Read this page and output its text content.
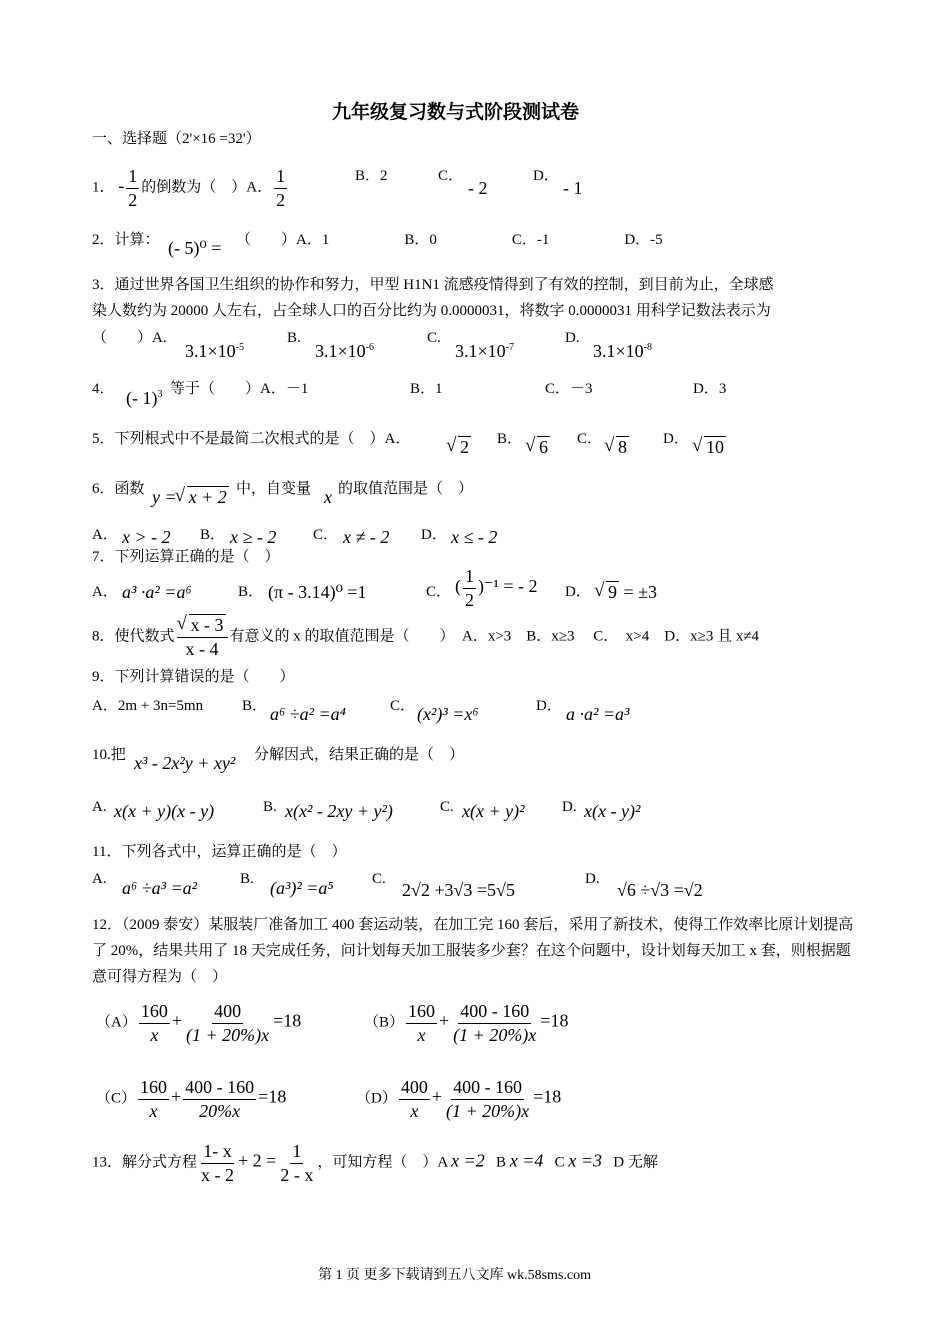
九年级复习数与式阶段测试卷
一、选择题（2'×16 =32'）
1． - $\frac{1}{2}$ 的倒数为（　）A． $\frac{1}{2}$	B．2	C．
- 2
D．
- 1
2．计算： (- 5)⁰ = （　　）A．1　　　　　B．0　　　　　C．-1　　　　　D．-5
3．通过世界各国卫生组织的协作和努力，甲型 H1N1 流感疫情得到了有效的控制，到目前为止，全球感
染人数约为 20000 人左右，占全球人口的百分比约为 0.0000031，将数字 0.0000031 用科学记数法表示为
（　　）A.
$3.1\times 10^{-5}$
B.
$3.1\times 10^{-6}$
C.
$3.1\times 10^{-7}$
D.
$3.1\times 10^{-8}$
4． (- 1)$^3$ 等于（　　）A．－1	B．1	C．－3	D．3
5．下列根式中不是最简二次根式的是（　）A．	√ 2 B． √ 6 C． √ 8 D． √ 10
6．函数 y = √ x + 2 中，自变量 x 的取值范围是（　）
A． x > - 2 B． x ≥ - 2 C． x ≠ - 2 D． x ≤ - 2
7．下列运算正确的是（　）
A． a³ ·a² =a⁶	B． (π - 3.14)⁰ =1	C． ( $\frac{1}{2} )^{-1}$ = - 2 D． √ 9 = ±3
8．使代数式 √ $\frac{x - 3}{x - 4}$ 有意义的 x 的取值范围是（　　）　A．x>3　B．x≥3　 C．　x>4　D．x≥3 且 x≠4
9．下列计算错误的是（　　）
A．2m + 3n=5mn	B． a⁶ ÷a² =a⁴	C． (x²)³ =x⁶	D． a ·a² =a³
10.把 x³ - 2x²y + xy² 分解因式，结果正确的是（　）
A. x(x + y)(x - y)	B. x(x² - 2xy + y²)	C. x(x + y)²	D. x(x - y)²
11．下列各式中，运算正确的是（　）
A. a⁶ ÷a³ =a²	B. (a³)² =a⁵	C.
2√2 +3√3 =5√5
D.
√6 ÷√3 =√2
12．（2009 泰安）某服装厂准备加工 400 套运动装，在加工完 160 套后，采用了新技术，使得工作效率比原计划提高了 20%，结果共用了 18 天完成任务，问计划每天加工服装多少套？在这个问题中，设计划每天加工 x 套，则根据题意可得方程为（　）
$(A) \frac{160}{x} + \frac{400}{(1 + 20\%)x} =18$	$(B) \frac{160}{x} + \frac{400 - 160}{(1 + 20\%)x} =18$
$(C) \frac{160}{x} + \frac{400 - 160}{20\%x} =18$	$(D) \frac{400}{x} + \frac{400 - 160}{(1 + 20\%)x} =18$
13．解分式方程 $\frac{1- x}{x - 2} + 2 = \frac{1}{2 - x}$ ，可知方程（　）A x =2 B x =4 C x =3 D 无解
第 1 页 更多下载请到五八文库 wk.58sms.com
